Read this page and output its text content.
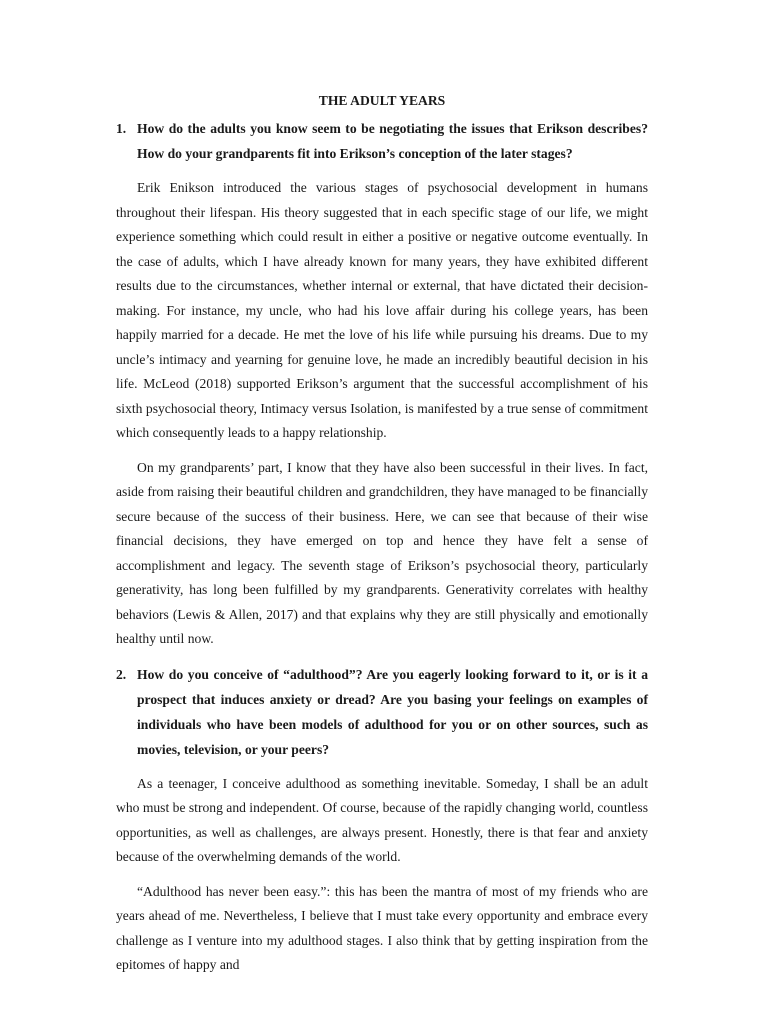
THE ADULT YEARS
1. How do the adults you know seem to be negotiating the issues that Erikson describes? How do your grandparents fit into Erikson’s conception of the later stages?

Erik Enikson introduced the various stages of psychosocial development in humans throughout their lifespan. His theory suggested that in each specific stage of our life, we might experience something which could result in either a positive or negative outcome eventually. In the case of adults, which I have already known for many years, they have exhibited different results due to the circumstances, whether internal or external, that have dictated their decision-making. For instance, my uncle, who had his love affair during his college years, has been happily married for a decade. He met the love of his life while pursuing his dreams. Due to my uncle’s intimacy and yearning for genuine love, he made an incredibly beautiful decision in his life. McLeod (2018) supported Erikson’s argument that the successful accomplishment of his sixth psychosocial theory, Intimacy versus Isolation, is manifested by a true sense of commitment which consequently leads to a happy relationship.

On my grandparents’ part, I know that they have also been successful in their lives. In fact, aside from raising their beautiful children and grandchildren, they have managed to be financially secure because of the success of their business. Here, we can see that because of their wise financial decisions, they have emerged on top and hence they have felt a sense of accomplishment and legacy. The seventh stage of Erikson’s psychosocial theory, particularly generativity, has long been fulfilled by my grandparents. Generativity correlates with healthy behaviors (Lewis & Allen, 2017) and that explains why they are still physically and emotionally healthy until now.

2. How do you conceive of “adulthood”? Are you eagerly looking forward to it, or is it a prospect that induces anxiety or dread? Are you basing your feelings on examples of individuals who have been models of adulthood for you or on other sources, such as movies, television, or your peers?

As a teenager, I conceive adulthood as something inevitable. Someday, I shall be an adult who must be strong and independent. Of course, because of the rapidly changing world, countless opportunities, as well as challenges, are always present. Honestly, there is that fear and anxiety because of the overwhelming demands of the world.

“Adulthood has never been easy.”: this has been the mantra of most of my friends who are years ahead of me. Nevertheless, I believe that I must take every opportunity and embrace every challenge as I venture into my adulthood stages. I also think that by getting inspiration from the epitomes of happy and
